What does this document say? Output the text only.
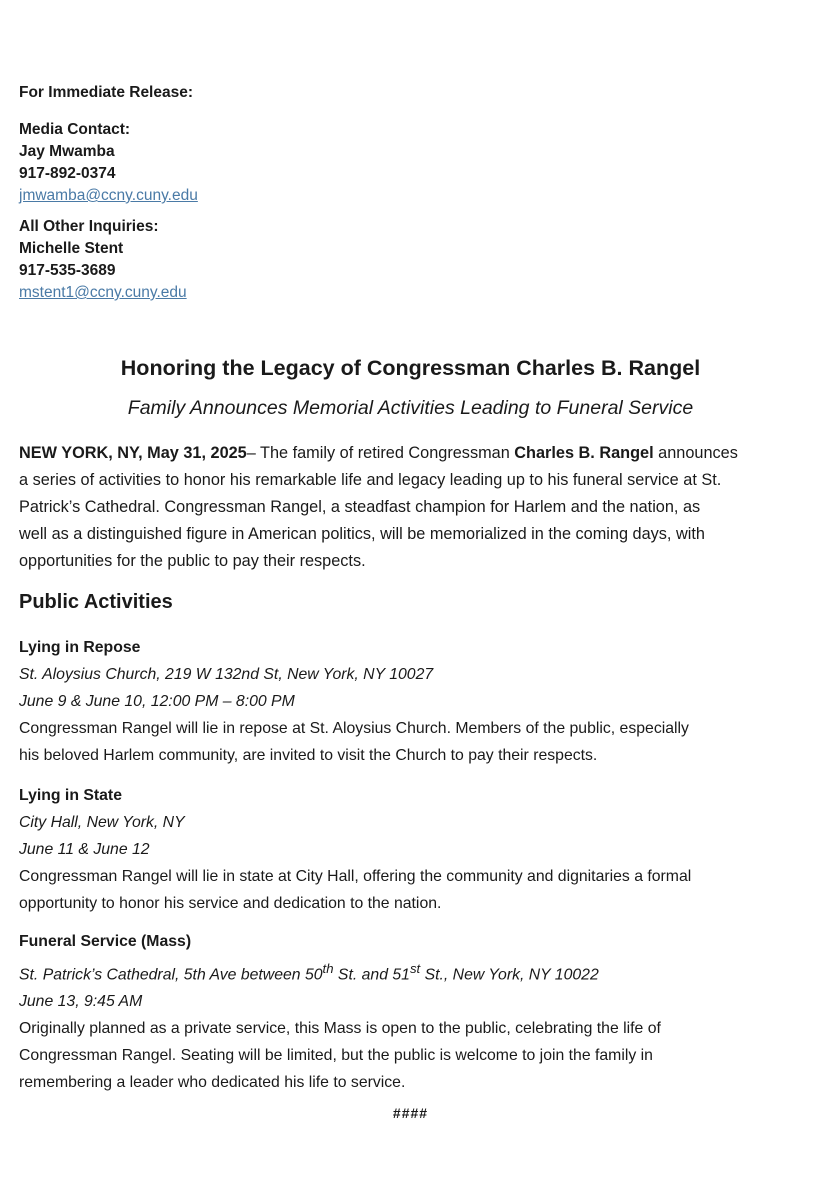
For Immediate Release:
Media Contact:
Jay Mwamba
917-892-0374
jmwamba@ccny.cuny.edu
All Other Inquiries:
Michelle Stent
917-535-3689
mstent1@ccny.cuny.edu
Honoring the Legacy of Congressman Charles B. Rangel
Family Announces Memorial Activities Leading to Funeral Service
NEW YORK, NY, May 31, 2025– The family of retired Congressman Charles B. Rangel announces
a series of activities to honor his remarkable life and legacy leading up to his funeral service at St.
Patrick’s Cathedral. Congressman Rangel, a steadfast champion for Harlem and the nation, as
well as a distinguished figure in American politics, will be memorialized in the coming days, with
opportunities for the public to pay their respects.
Public Activities
Lying in Repose
St. Aloysius Church, 219 W 132nd St, New York, NY 10027
June 9 & June 10, 12:00 PM – 8:00 PM
Congressman Rangel will lie in repose at St. Aloysius Church. Members of the public, especially
his beloved Harlem community, are invited to visit the Church to pay their respects.
Lying in State
City Hall, New York, NY
June 11 & June 12
Congressman Rangel will lie in state at City Hall, offering the community and dignitaries a formal
opportunity to honor his service and dedication to the nation.
Funeral Service (Mass)
St. Patrick’s Cathedral, 5th Ave between 50th St. and 51st St., New York, NY 10022
June 13, 9:45 AM
Originally planned as a private service, this Mass is open to the public, celebrating the life of
Congressman Rangel. Seating will be limited, but the public is welcome to join the family in
remembering a leader who dedicated his life to service.
####
